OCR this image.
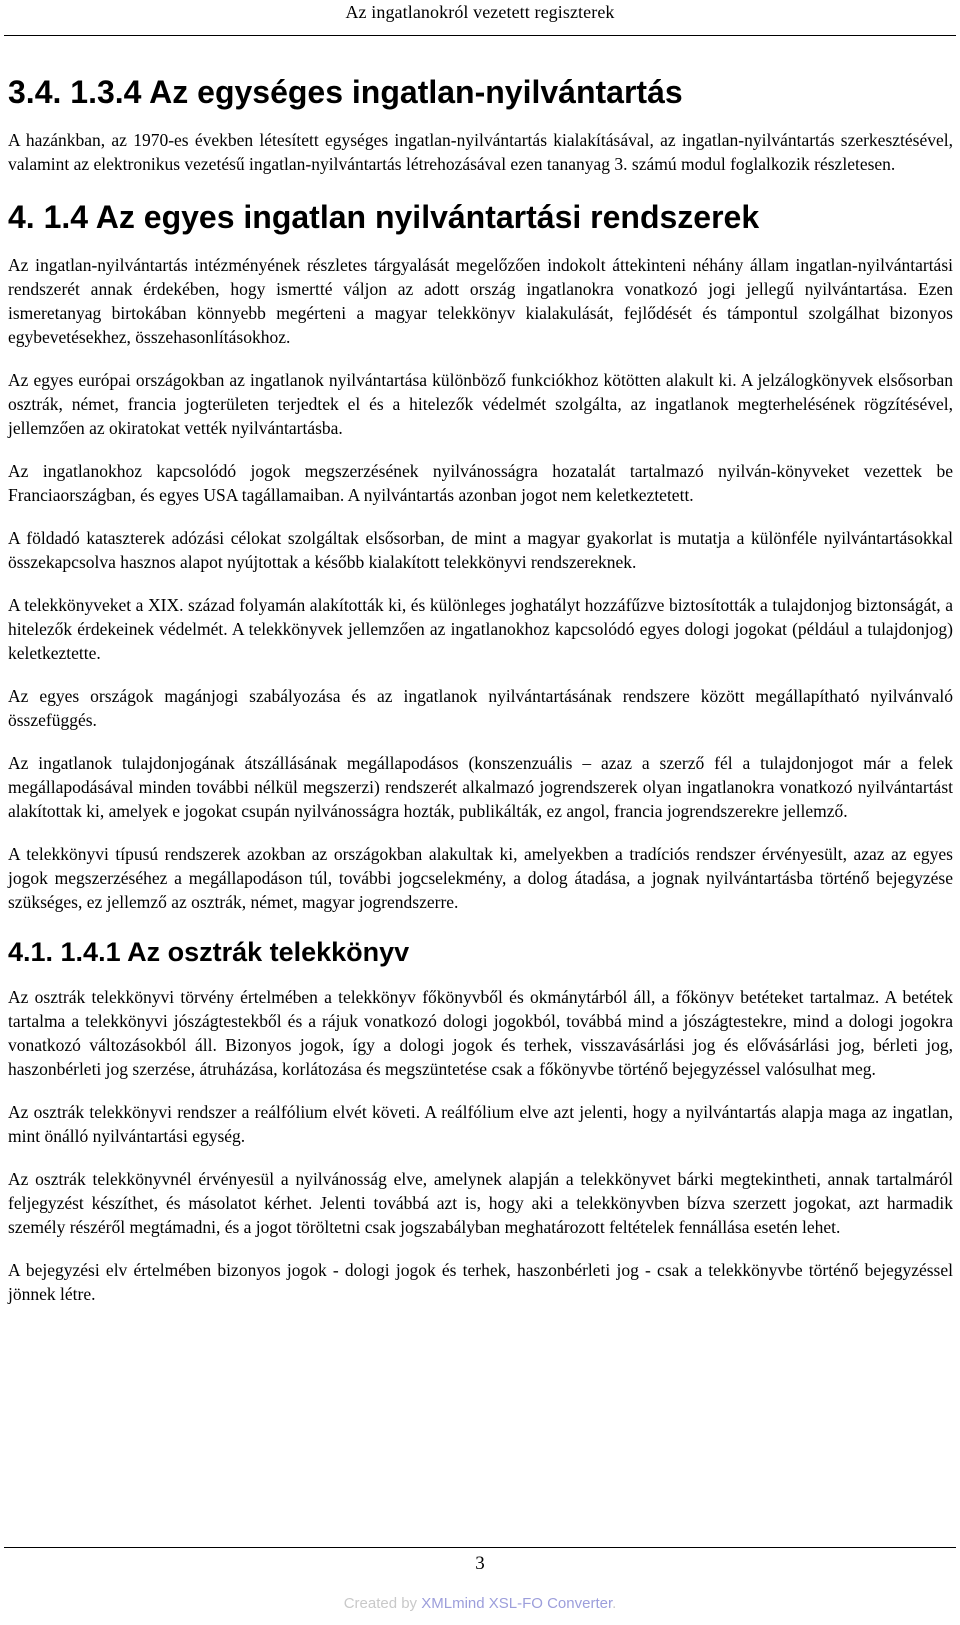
Az ingatlanokról vezetett regiszterek
3.4. 1.3.4 Az egységes ingatlan-nyilvántartás

A hazánkban, az 1970-es években létesített egységes ingatlan-nyilvántartás kialakításával, az ingatlan-nyilvántartás szerkesztésével, valamint az elektronikus vezetésű ingatlan-nyilvántartás létrehozásával ezen tananyag 3. számú modul foglalkozik részletesen.

4. 1.4 Az egyes ingatlan nyilvántartási rendszerek

Az ingatlan-nyilvántartás intézményének részletes tárgyalását megelőzően indokolt áttekinteni néhány állam ingatlan-nyilvántartási rendszerét annak érdekében, hogy ismertté váljon az adott ország ingatlanokra vonatkozó jogi jellegű nyilvántartása. Ezen ismeretanyag birtokában könnyebb megérteni a magyar telekkönyv kialakulását, fejlődését és támpontul szolgálhat bizonyos egybevetésekhez, összehasonlításokhoz.

Az egyes európai országokban az ingatlanok nyilvántartása különböző funkciókhoz kötötten alakult ki. A jelzálogkönyvek elsősorban osztrák, német, francia jogterületen terjedtek el és a hitelezők védelmét szolgálta, az ingatlanok megterhelésének rögzítésével, jellemzően az okiratokat vették nyilvántartásba.

Az ingatlanokhoz kapcsolódó jogok megszerzésének nyilvánosságra hozatalát tartalmazó nyilván-könyveket vezettek be Franciaországban, és egyes USA tagállamaiban. A nyilvántartás azonban jogot nem keletkeztetett.

A földadó kataszterek adózási célokat szolgáltak elsősorban, de mint a magyar gyakorlat is mutatja a különféle nyilvántartásokkal összekapcsolva hasznos alapot nyújtottak a később kialakított telekkönyvi rendszereknek.

A telekkönyveket a XIX. század folyamán alakították ki, és különleges joghatályt hozzáfűzve biztosították a tulajdonjog biztonságát, a hitelezők érdekeinek védelmét. A telekkönyvek jellemzően az ingatlanokhoz kapcsolódó egyes dologi jogokat (például a tulajdonjog) keletkeztette.

Az egyes országok magánjogi szabályozása és az ingatlanok nyilvántartásának rendszere között megállapítható nyilvánvaló összefüggés.

Az ingatlanok tulajdonjogának átszállásának megállapodásos (konszenzuális – azaz a szerző fél a tulajdonjogot már a felek megállapodásával minden további nélkül megszerzi) rendszerét alkalmazó jogrendszerek olyan ingatlanokra vonatkozó nyilvántartást alakítottak ki, amelyek e jogokat csupán nyilvánosságra hozták, publikálták, ez angol, francia jogrendszerekre jellemző.

A telekkönyvi típusú rendszerek azokban az országokban alakultak ki, amelyekben a tradíciós rendszer érvényesült, azaz az egyes jogok megszerzéséhez a megállapodáson túl, további jogcselekmény, a dolog átadása, a jognak nyilvántartásba történő bejegyzése szükséges, ez jellemző az osztrák, német, magyar jogrendszerre.

4.1. 1.4.1 Az osztrák telekkönyv

Az osztrák telekkönyvi törvény értelmében a telekkönyv főkönyvből és okmánytárból áll, a főkönyv betéteket tartalmaz. A betétek tartalma a telekkönyvi jószágtestekből és a rájuk vonatkozó dologi jogokból, továbbá mind a jószágtestekre, mind a dologi jogokra vonatkozó változásokból áll. Bizonyos jogok, így a dologi jogok és terhek, visszavásárlási jog és elővásárlási jog, bérleti jog, haszonbérleti jog szerzése, átruházása, korlátozása és megszüntetése csak a főkönyvbe történő bejegyzéssel valósulhat meg.

Az osztrák telekkönyvi rendszer a reálfólium elvét követi. A reálfólium elve azt jelenti, hogy a nyilvántartás alapja maga az ingatlan, mint önálló nyilvántartási egység.

Az osztrák telekkönyvnél érvényesül a nyilvánosság elve, amelynek alapján a telekkönyvet bárki megtekintheti, annak tartalmáról feljegyzést készíthet, és másolatot kérhet. Jelenti továbbá azt is, hogy aki a telekkönyvben bízva szerzett jogokat, azt harmadik személy részéről megtámadni, és a jogot töröltetni csak jogszabályban meghatározott feltételek fennállása esetén lehet.

A bejegyzési elv értelmében bizonyos jogok - dologi jogok és terhek, haszonbérleti jog - csak a telekkönyvbe történő bejegyzéssel jönnek létre.

3
Created by XMLmind XSL-FO Converter.
